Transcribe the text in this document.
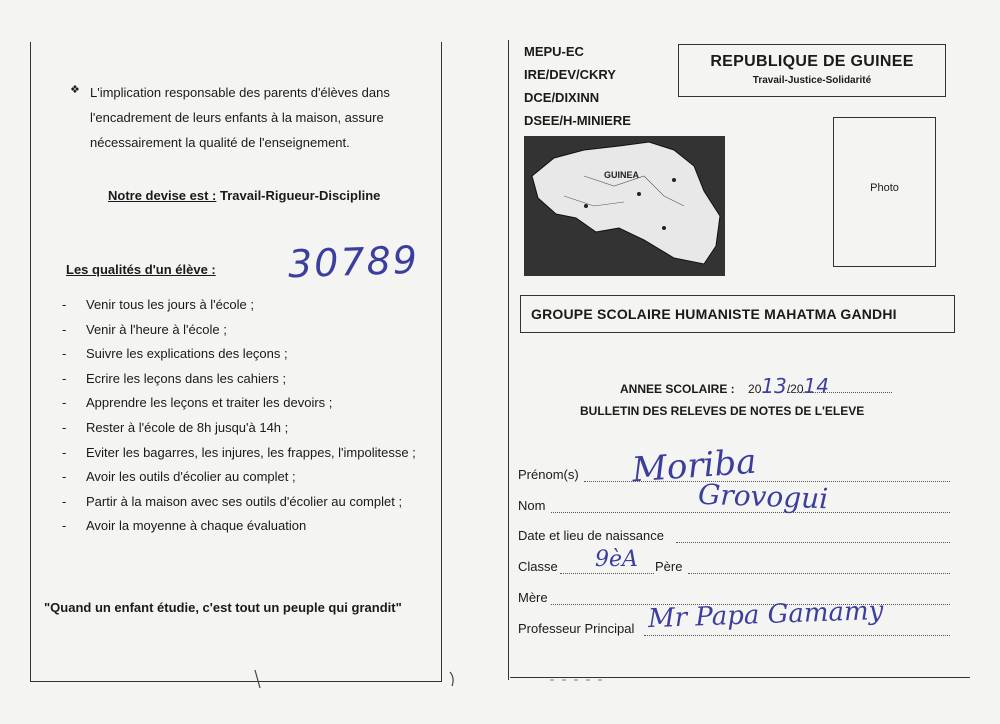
❖ L'implication responsable des parents d'élèves dans l'encadrement de leurs enfants à la maison, assure nécessairement la qualité de l'enseignement.
Notre devise est : Travail-Rigueur-Discipline
Les qualités d'un élève : 30789
- Venir tous les jours à l'école ;
- Venir à l'heure à l'école ;
- Suivre les explications des leçons ;
- Ecrire les leçons dans les cahiers ;
- Apprendre les leçons et traiter les devoirs ;
- Rester à l'école de 8h jusqu'à 14h ;
- Eviter les bagarres, les injures, les frappes, l'impolitesse ;
- Avoir les outils d'écolier au complet ;
- Partir à la maison avec ses outils d'écolier au complet ;
- Avoir la moyenne à chaque évaluation
"Quand un enfant étudie, c'est tout un peuple qui grandit"
MEPU-EC
IRE/DEV/CKRY
DCE/DIXINN
DSEE/H-MINIERE
REPUBLIQUE DE GUINEE
Travail-Justice-Solidarité
GUINEA
Photo
GROUPE SCOLAIRE HUMANISTE MAHATMA GANDHI
ANNEE SCOLAIRE : 2013/2014
BULLETIN DES RELEVES DE NOTES DE L'ELEVE
Prénom(s) Moriba
Nom	Grovogui
Date et lieu de naissance
Classe 9èA Père
Mère
Professeur Principal Mr Papa Gamamy
